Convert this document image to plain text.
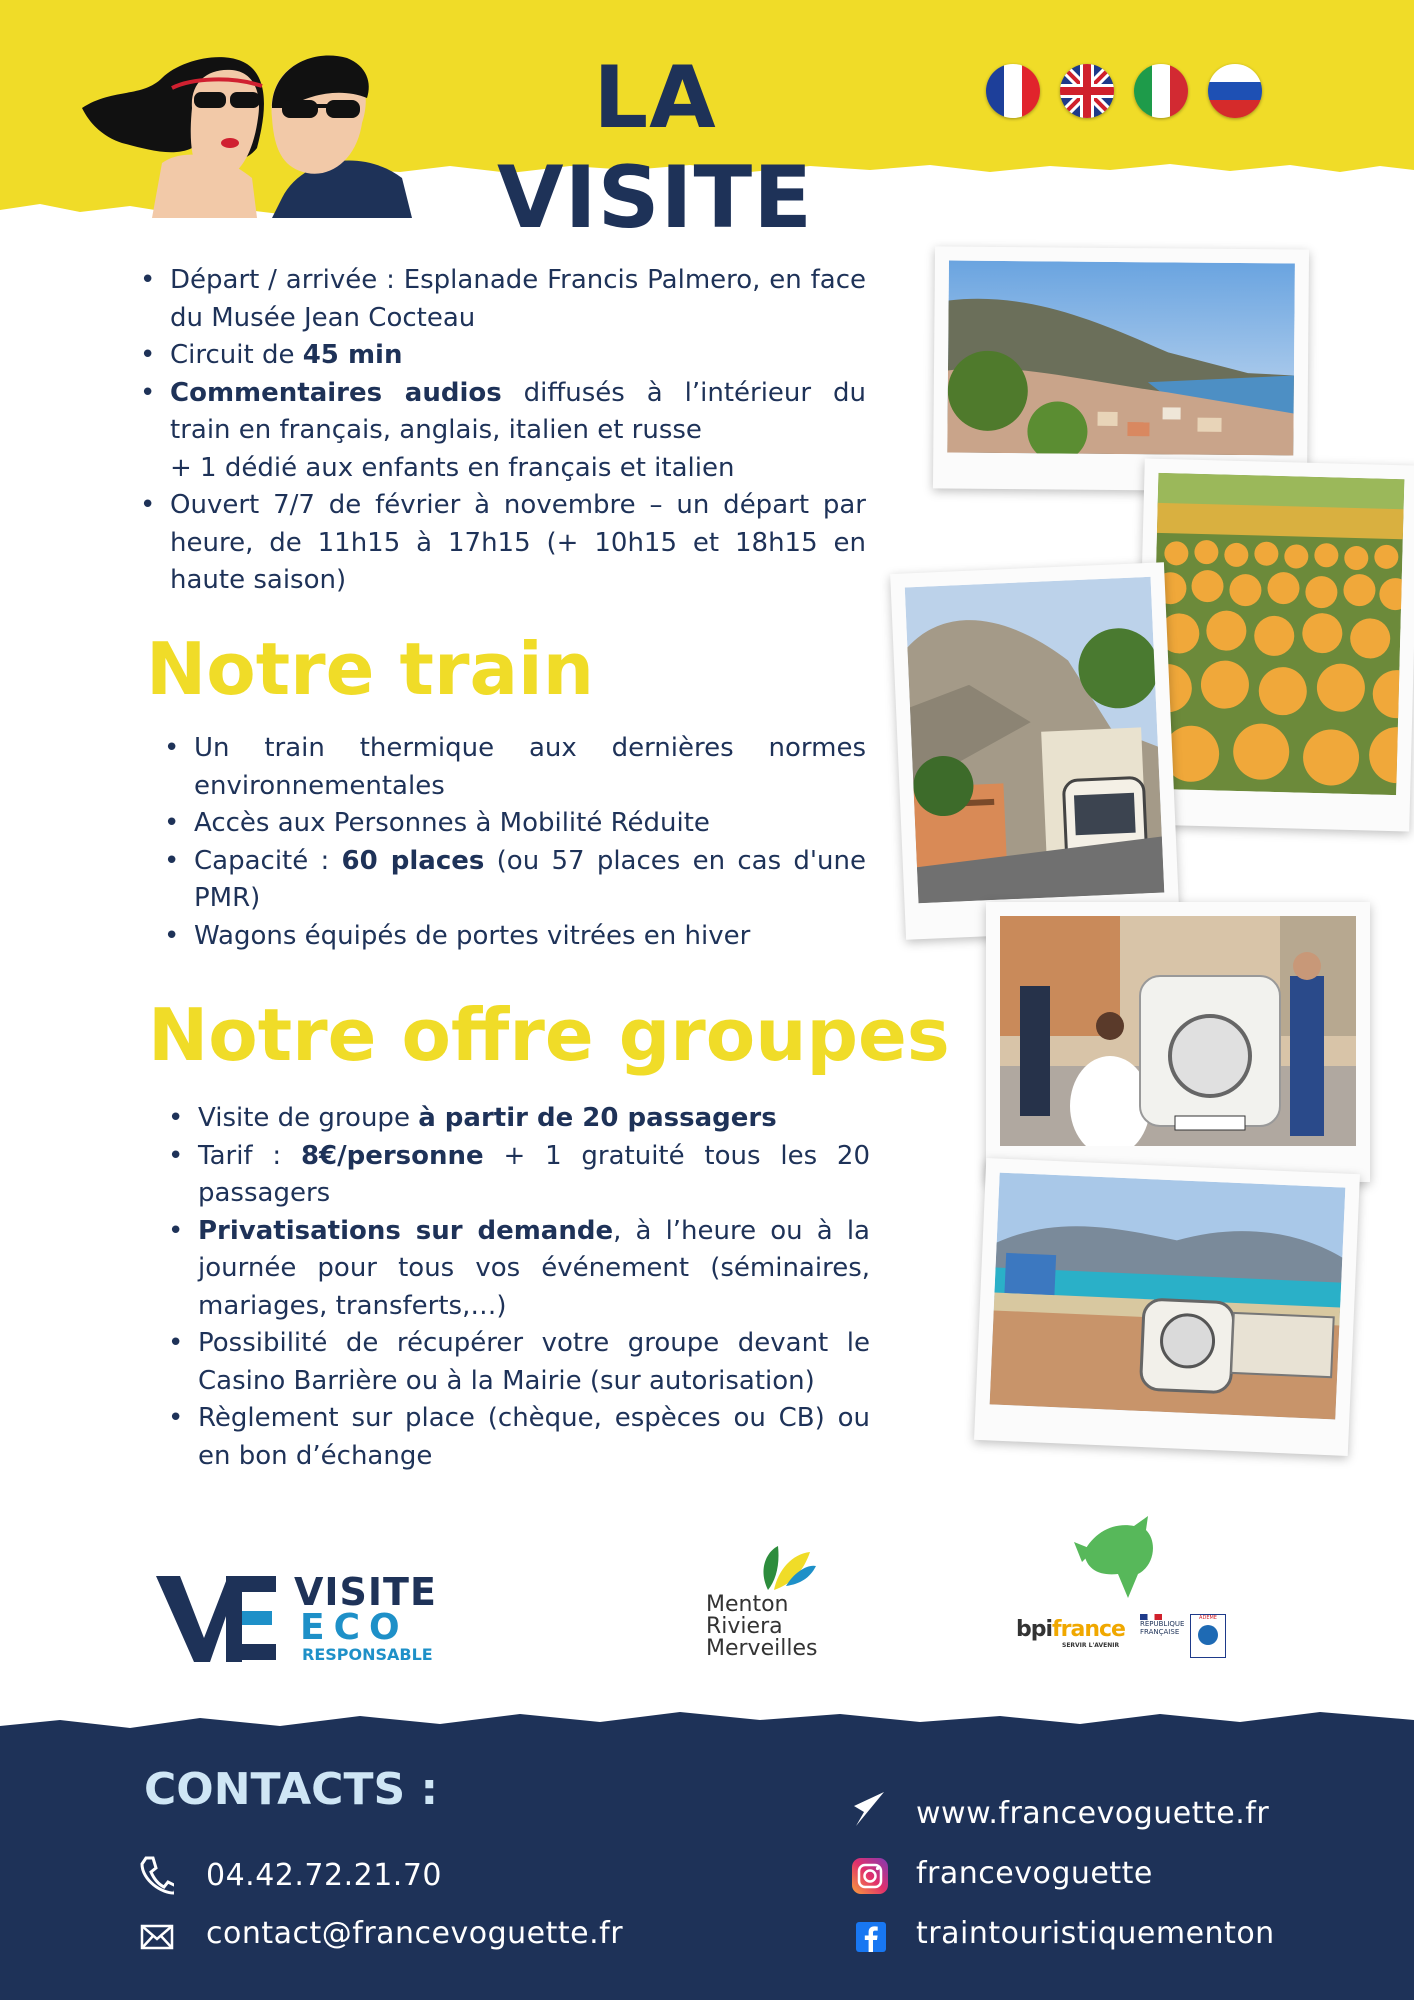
LA VISITE
• Départ / arrivée : Esplanade Francis Palmero, en face du Musée Jean Cocteau
• Circuit de 45 min
• Commentaires audios diffusés à l’intérieur du train en français, anglais, italien et russe
+ 1 dédié aux enfants en français et italien
• Ouvert 7/7 de février à novembre – un départ par heure, de 11h15 à 17h15 (+ 10h15 et 18h15 en haute saison)
Notre train
• Un train thermique aux dernières normes environnementales
• Accès aux Personnes à Mobilité Réduite
• Capacité : 60 places (ou 57 places en cas d'une PMR)
• Wagons équipés de portes vitrées en hiver
Notre offre groupes
• Visite de groupe à partir de 20 passagers
• Tarif : 8€/personne + 1 gratuité tous les 20 passagers
• Privatisations sur demande, à l’heure ou à la journée pour tous vos événement (séminaires, mariages, transferts,…)
• Possibilité de récupérer votre groupe devant le Casino Barrière ou à la Mairie (sur autorisation)
• Règlement sur place (chèque, espèces ou CB) ou en bon d’échange
VISITE
ECO
RESPONSABLE
Menton
Riviera
Merveilles
bpifrance
SERVIR L'AVENIR
RÉPUBLIQUE FRANÇAISE
ADEME
CONTACTS :
04.42.72.21.70
contact@francevoguette.fr
www.francevoguette.fr
francevoguette
traintouristiquementon
